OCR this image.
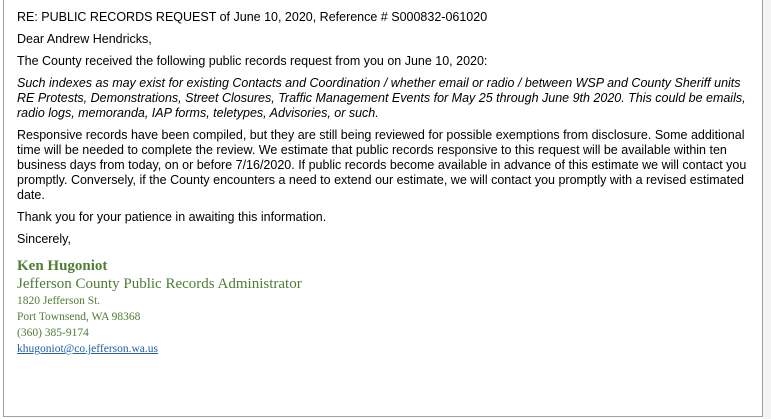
RE: PUBLIC RECORDS REQUEST of June 10, 2020, Reference # S000832-061020

Dear Andrew Hendricks,

The County received the following public records request from you on June 10, 2020:

Such indexes as may exist for existing Contacts and Coordination / whether email or radio / between WSP and County Sheriff units RE Protests, Demonstrations, Street Closures, Traffic Management Events for May 25 through June 9th 2020. This could be emails, radio logs, memoranda, IAP forms, teletypes, Advisories, or such.

Responsive records have been compiled, but they are still being reviewed for possible exemptions from disclosure. Some additional time will be needed to complete the review. We estimate that public records responsive to this request will be available within ten business days from today, on or before 7/16/2020. If public records become available in advance of this estimate we will contact you promptly. Conversely, if the County encounters a need to extend our estimate, we will contact you promptly with a revised estimated date.

Thank you for your patience in awaiting this information.

Sincerely,

Ken Hugoniot
Jefferson County Public Records Administrator
1820 Jefferson St.
Port Townsend, WA 98368
(360) 385-9174
khugoniot@co.jefferson.wa.us
